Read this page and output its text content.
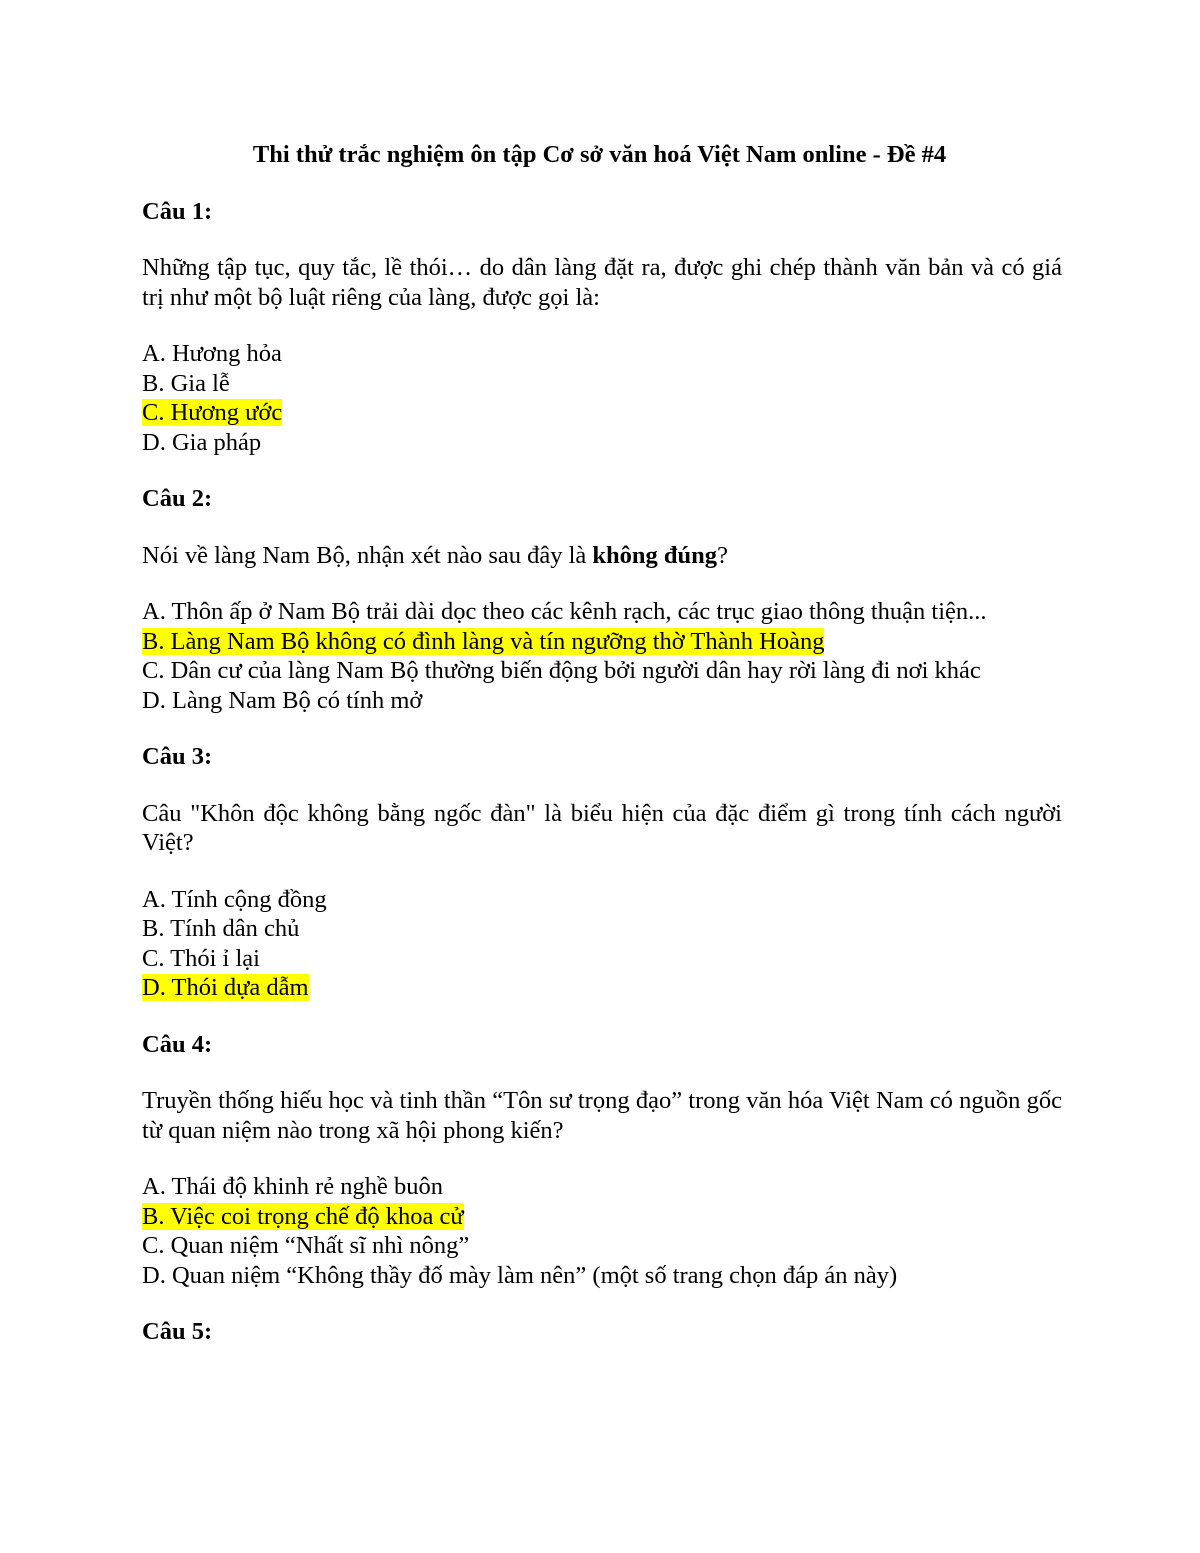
Thi thử trắc nghiệm ôn tập Cơ sở văn hoá Việt Nam online - Đề #4
Câu 1:
Những tập tục, quy tắc, lề thói… do dân làng đặt ra, được ghi chép thành văn bản và có giá trị như một bộ luật riêng của làng, được gọi là:
A. Hương hỏa
B. Gia lễ
C. Hương ước
D. Gia pháp
Câu 2:
Nói về làng Nam Bộ, nhận xét nào sau đây là không đúng?
A. Thôn ấp ở Nam Bộ trải dài dọc theo các kênh rạch, các trục giao thông thuận tiện...
B. Làng Nam Bộ không có đình làng và tín ngưỡng thờ Thành Hoàng
C. Dân cư của làng Nam Bộ thường biến động bởi người dân hay rời làng đi nơi khác
D. Làng Nam Bộ có tính mở
Câu 3:
Câu "Khôn độc không bằng ngốc đàn" là biểu hiện của đặc điểm gì trong tính cách người Việt?
A. Tính cộng đồng
B. Tính dân chủ
C. Thói ỉ lại
D. Thói dựa dẫm
Câu 4:
Truyền thống hiếu học và tinh thần “Tôn sư trọng đạo” trong văn hóa Việt Nam có nguồn gốc từ quan niệm nào trong xã hội phong kiến?
A. Thái độ khinh rẻ nghề buôn
B. Việc coi trọng chế độ khoa cử
C. Quan niệm “Nhất sĩ nhì nông”
D. Quan niệm “Không thầy đố mày làm nên” (một số trang chọn đáp án này)
Câu 5:
